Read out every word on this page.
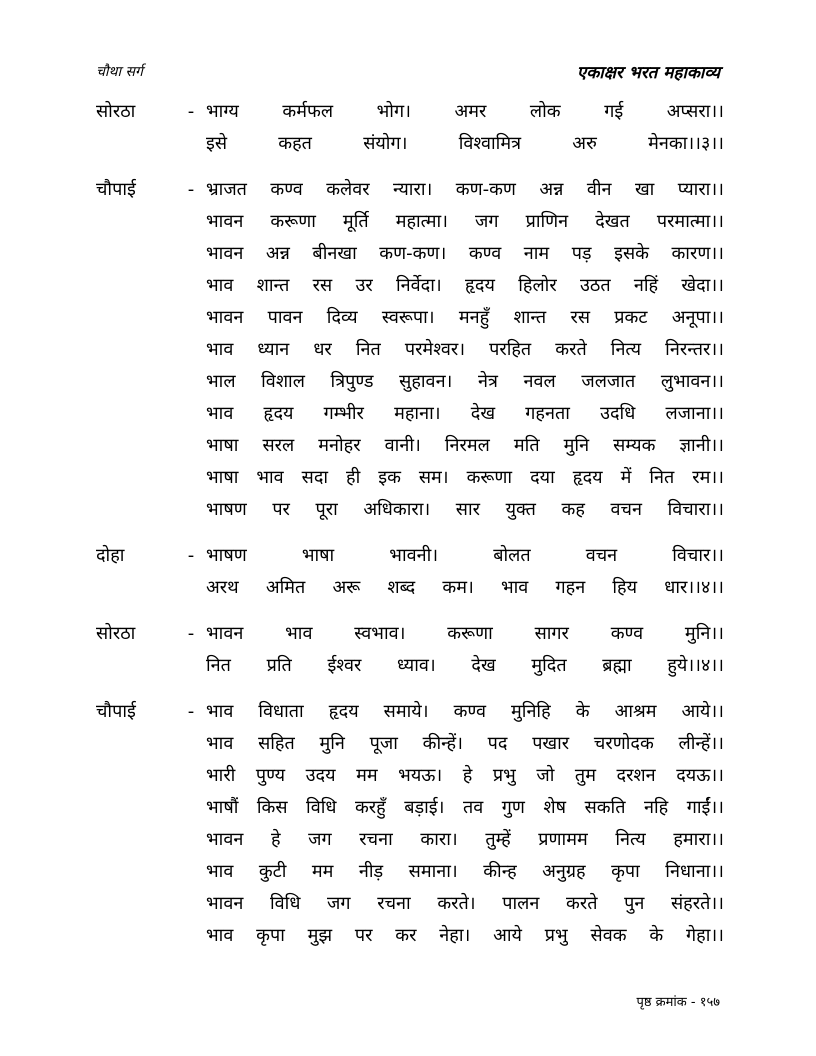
चौथा सर्ग	एकाक्षर भरत महाकाव्य
सोरठा	- भाग्य कर्मफल भोग। अमर लोक गई अप्सरा।।
इसे कहत संयोग। विश्वामित्र अरु मेनका।।३।।
चौपाई	- भ्राजत कण्व कलेवर न्यारा। कण-कण अन्न वीन खा प्यारा।।
भावन करूणा मूर्ति महात्मा। जग प्राणिन देखत परमात्मा।।
भावन अन्न बीनखा कण-कण। कण्व नाम पड़ इसके कारण।।
भाव शान्त रस उर निर्वेदा। हृदय हिलोर उठत नहिं खेदा।।
भावन पावन दिव्य स्वरूपा। मनहुँ शान्त रस प्रकट अनूपा।।
भाव ध्यान धर नित परमेश्वर। परहित करते नित्य निरन्तर।।
भाल विशाल त्रिपुण्ड सुहावन। नेत्र नवल जलजात लुभावन।।
भाव हृदय गम्भीर महाना। देख गहनता उदधि लजाना।।
भाषा सरल मनोहर वानी। निरमल मति मुनि सम्यक ज्ञानी।।
भाषा भाव सदा ही इक सम। करूणा दया हृदय में नित रम।।
भाषण पर पूरा अधिकारा। सार युक्त कह वचन विचारा।।
दोहा	- भाषण भाषा भावनी। बोलत वचन विचार।।
अरथ अमित अरू शब्द कम। भाव गहन हिय धार।।४।।
सोरठा	- भावन भाव स्वभाव। करूणा सागर कण्व मुनि।।
नित प्रति ईश्वर ध्याव। देख मुदित ब्रह्मा हुये।।४।।
चौपाई	- भाव विधाता हृदय समाये। कण्व मुनिहि के आश्रम आये।।
भाव सहित मुनि पूजा कीन्हें। पद पखार चरणोदक लीन्हें।।
भारी पुण्य उदय मम भयऊ। हे प्रभु जो तुम दरशन दयऊ।।
भाषौं किस विधि करहुँ बड़ाई। तव गुण शेष सकति नहि गाईं।।
भावन हे जग रचना कारा। तुम्हें प्रणामम नित्य हमारा।।
भाव कुटी मम नीड़ समाना। कीन्ह अनुग्रह कृपा निधाना।।
भावन विधि जग रचना करते। पालन करते पुन संहरते।।
भाव कृपा मुझ पर कर नेहा। आये प्रभु सेवक के गेहा।।
पृष्ठ क्रमांक - १५७
